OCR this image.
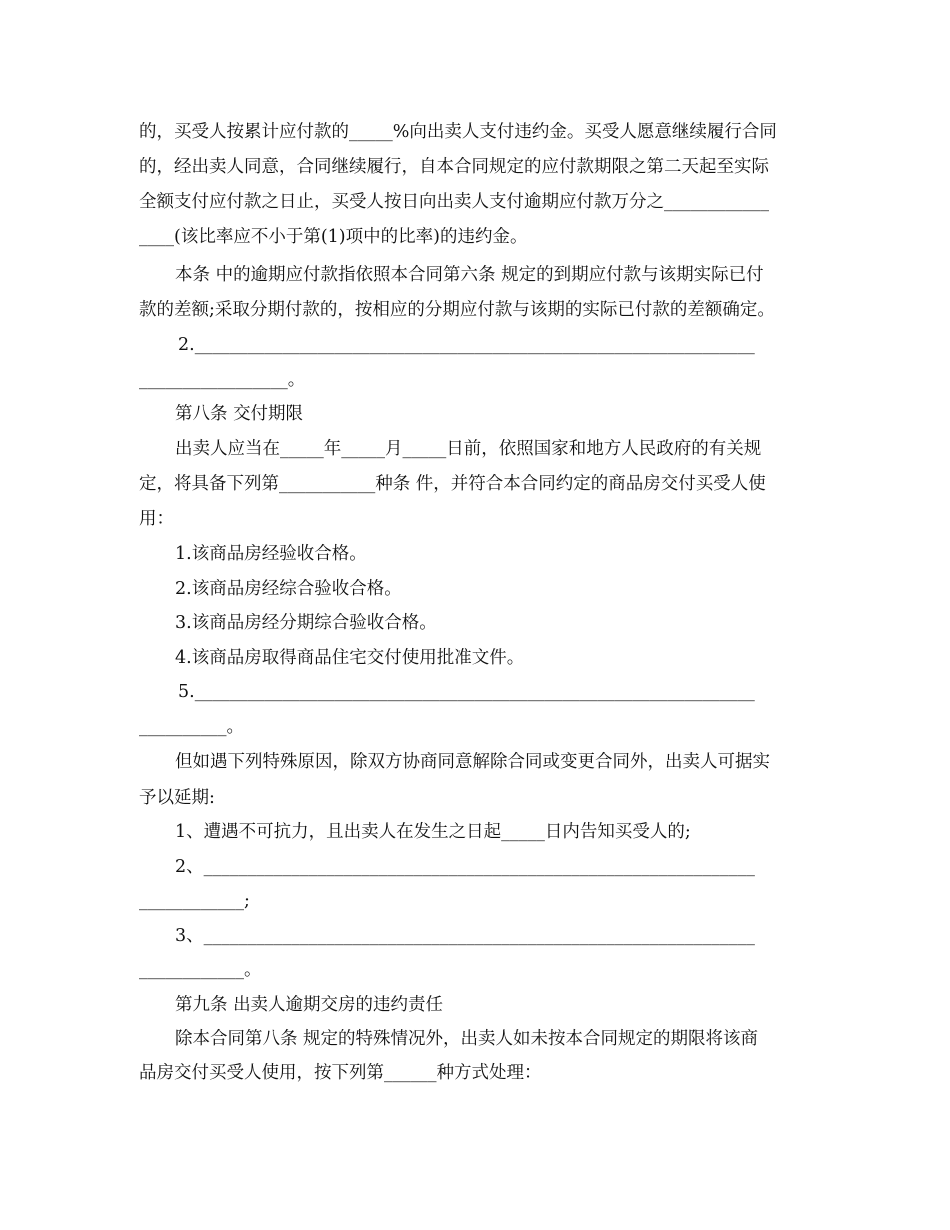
的，买受人按累计应付款的_____%向出卖人支付违约金。买受人愿意继续履行合同
的，经出卖人同意，合同继续履行，自本合同规定的应付款期限之第二天起至实际
全额支付应付款之日止，买受人按日向出卖人支付逾期应付款万分之____________
____(该比率应不小于第(1)项中的比率)的违约金。
本条 中的逾期应付款指依照本合同第六条 规定的到期应付款与该期实际已付
款的差额;采取分期付款的，按相应的分期应付款与该期的实际已付款的差额确定。
2.________________________________________________________________
_________________。
第八条 交付期限
出卖人应当在_____年_____月_____日前，依照国家和地方人民政府的有关规
定，将具备下列第___________种条 件，并符合本合同约定的商品房交付买受人使
用：
1.该商品房经验收合格。
2.该商品房经综合验收合格。
3.该商品房经分期综合验收合格。
4.该商品房取得商品住宅交付使用批准文件。
5.________________________________________________________________
__________。
但如遇下列特殊原因，除双方协商同意解除合同或变更合同外，出卖人可据实
予以延期:
1、遭遇不可抗力，且出卖人在发生之日起_____日内告知买受人的;
2、_______________________________________________________________
____________;
3、_______________________________________________________________
____________。
第九条 出卖人逾期交房的违约责任
除本合同第八条 规定的特殊情况外，出卖人如未按本合同规定的期限将该商
品房交付买受人使用，按下列第______种方式处理：
